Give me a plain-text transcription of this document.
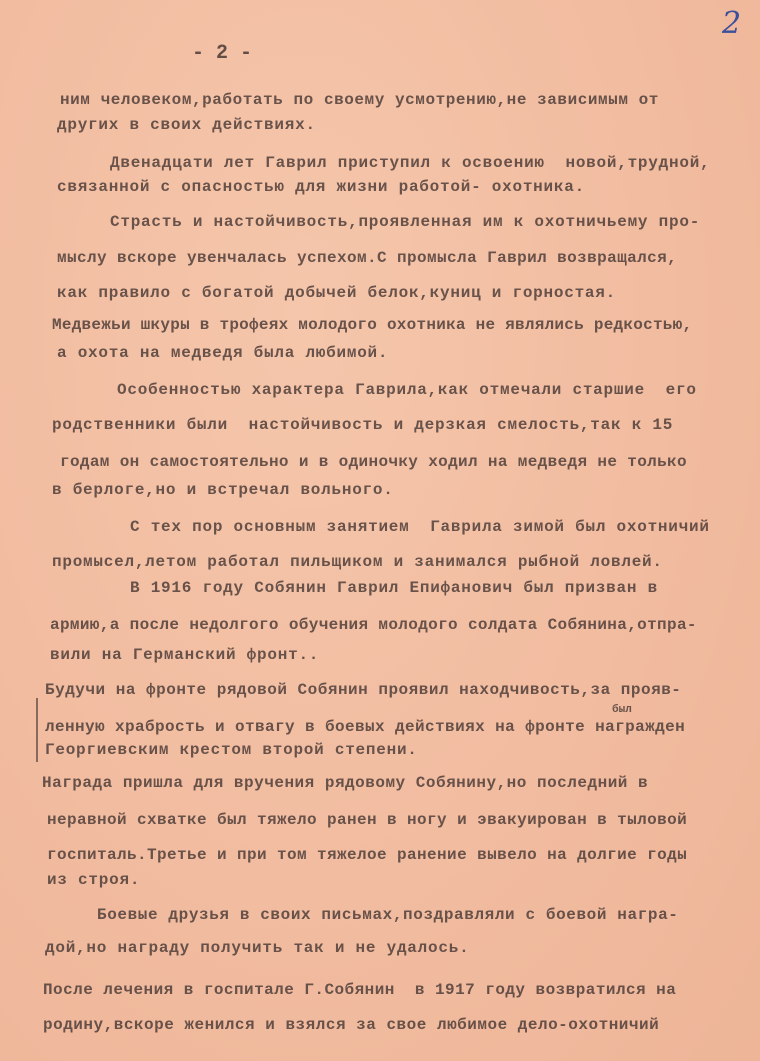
2
- 2 -
был
ним человеком,работать по своему усмотрению,не зависимым от
других в своих действиях.
Двенадцати лет Гаврил приступил к освоению  новой,трудной,
связанной с опасностью для жизни работой- охотника.
Страсть и настойчивость,проявленная им к охотничьему про-
мыслу вскоре увенчалась успехом.С промысла Гаврил возвращался,
как правило с богатой добычей белок,куниц и горностая.
Медвежьи шкуры в трофеях молодого охотника не являлись редкостью,
а охота на медведя была любимой.
Особенностью характера Гаврила,как отмечали старшие  его
родственники были  настойчивость и дерзкая смелость,так к 15
годам он самостоятельно и в одиночку ходил на медведя не только
в берлоге,но и встречал вольного.
С тех пор основным занятием  Гаврила зимой был охотничий
промысел,летом работал пильщиком и занимался рыбной ловлей.
В 1916 году Собянин Гаврил Епифанович был призван в
армию,а после недолгого обучения молодого солдата Собянина,отпра-
вили на Германский фронт..
Будучи на фронте рядовой Собянин проявил находчивость,за прояв-
ленную храбрость и отвагу в боевых действиях на фронте награжден
Георгиевским крестом второй степени.
Награда пришла для вручения рядовому Собянину,но последний в
неравной схватке был тяжело ранен в ногу и эвакуирован в тыловой
госпиталь.Третье и при том тяжелое ранение вывело на долгие годы
из строя.
Боевые друзья в своих письмах,поздравляли с боевой награ-
дой,но награду получить так и не удалось.
После лечения в госпитале Г.Собянин  в 1917 году возвратился на
родину,вскоре женился и взялся за свое любимое дело-охотничий
